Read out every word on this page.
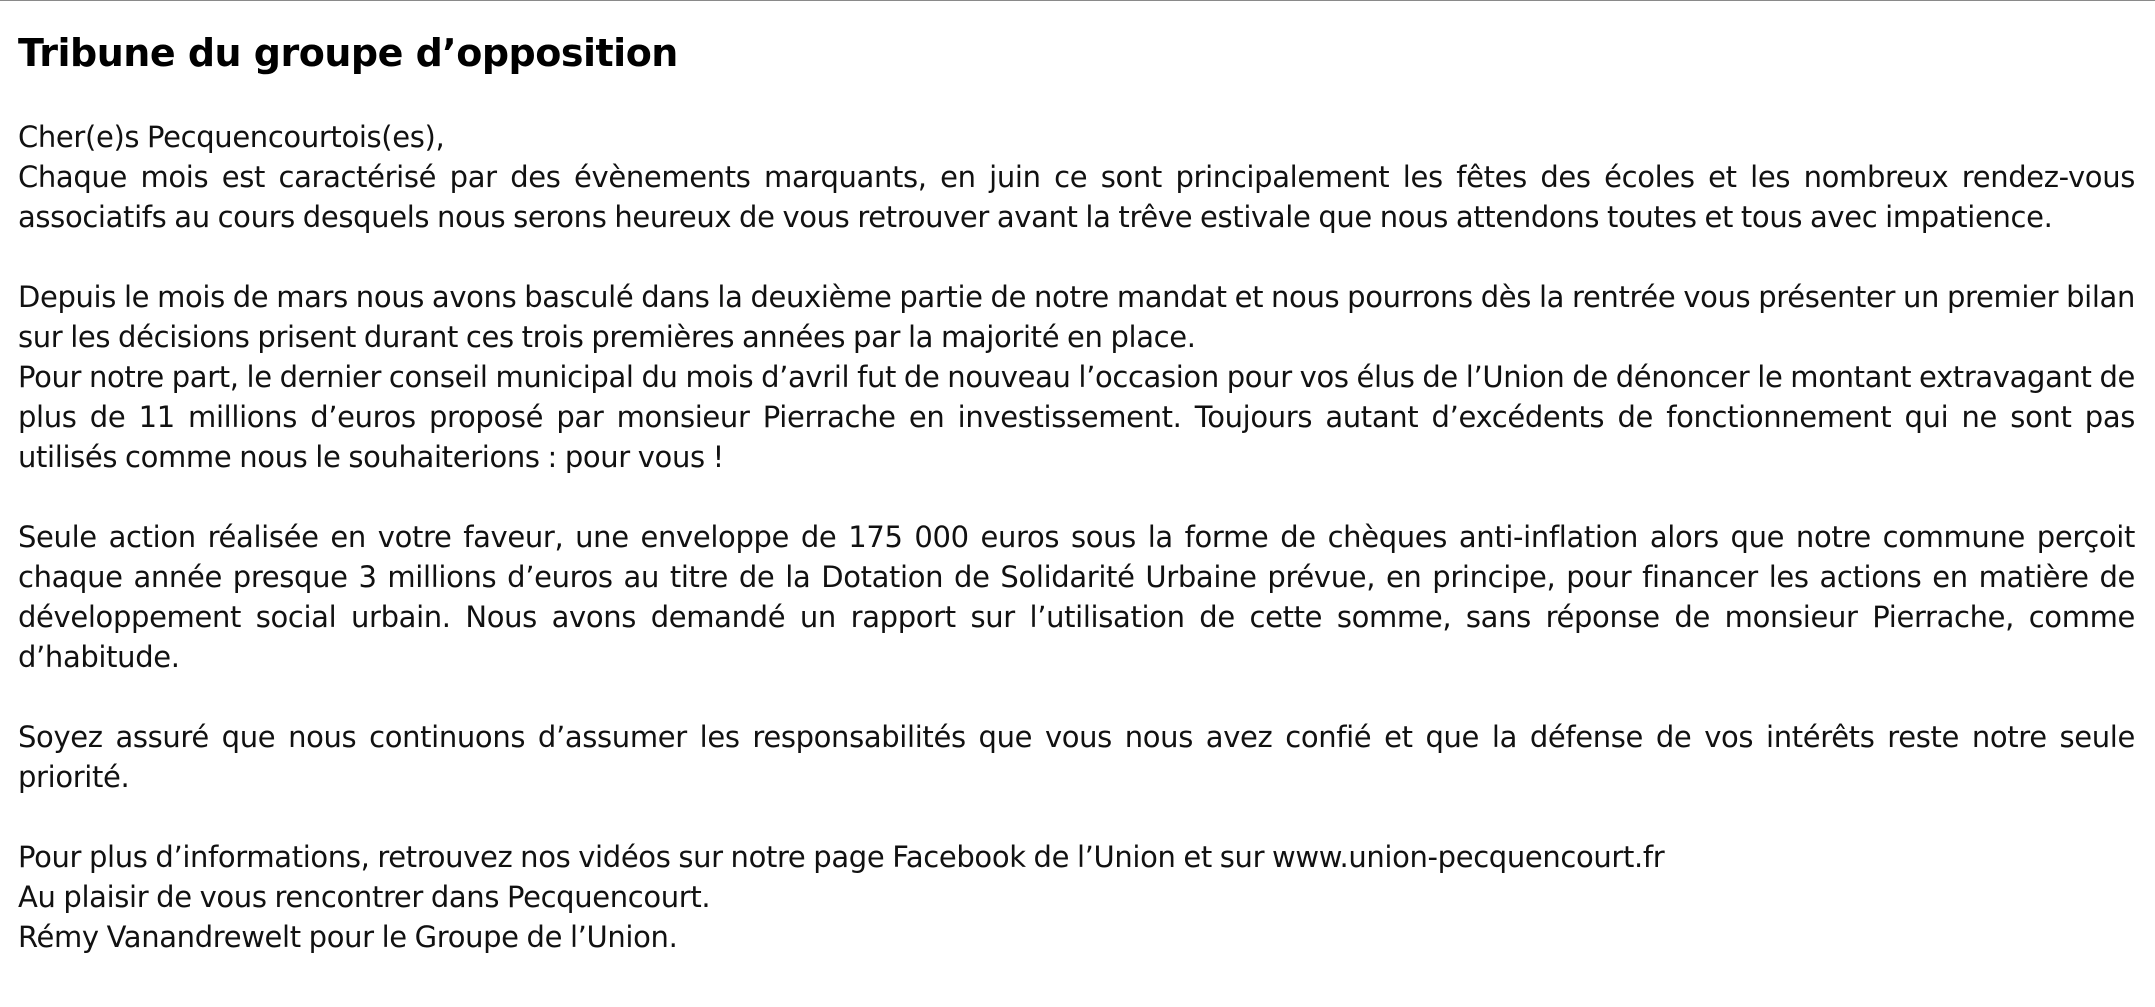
Tribune du groupe d’opposition

Cher(e)s Pecquencourtois(es),

Chaque mois est caractérisé par des évènements marquants, en juin ce sont principalement les fêtes des écoles et les nombreux rendez-vous associatifs au cours desquels nous serons heureux de vous retrouver avant la trêve estivale que nous attendons toutes et tous avec impatience.

Depuis le mois de mars nous avons basculé dans la deuxième partie de notre mandat et nous pourrons dès la rentrée vous présenter un premier bilan sur les décisions prisent durant ces trois premières années par la majorité en place.

Pour notre part, le dernier conseil municipal du mois d’avril fut de nouveau l’occasion pour vos élus de l’Union de dénoncer le montant extravagant de plus de 11 millions d’euros proposé par monsieur Pierrache en investissement. Toujours autant d’excédents de fonctionnement qui ne sont pas utilisés comme nous le souhaiterions : pour vous !

Seule action réalisée en votre faveur, une enveloppe de 175 000 euros sous la forme de chèques anti-inflation alors que notre commune perçoit chaque année presque 3 millions d’euros au titre de la Dotation de Solidarité Urbaine prévue, en principe, pour financer les actions en matière de développement social urbain. Nous avons demandé un rapport sur l’utilisation de cette somme, sans réponse de monsieur Pierrache, comme d’habitude.

Soyez assuré que nous continuons d’assumer les responsabilités que vous nous avez confié et que la défense de vos intérêts reste notre seule priorité.

Pour plus d’informations, retrouvez nos vidéos sur notre page Facebook de l’Union et sur www.union-pecquencourt.fr

Au plaisir de vous rencontrer dans Pecquencourt.

Rémy Vanandrewelt pour le Groupe de l’Union.
